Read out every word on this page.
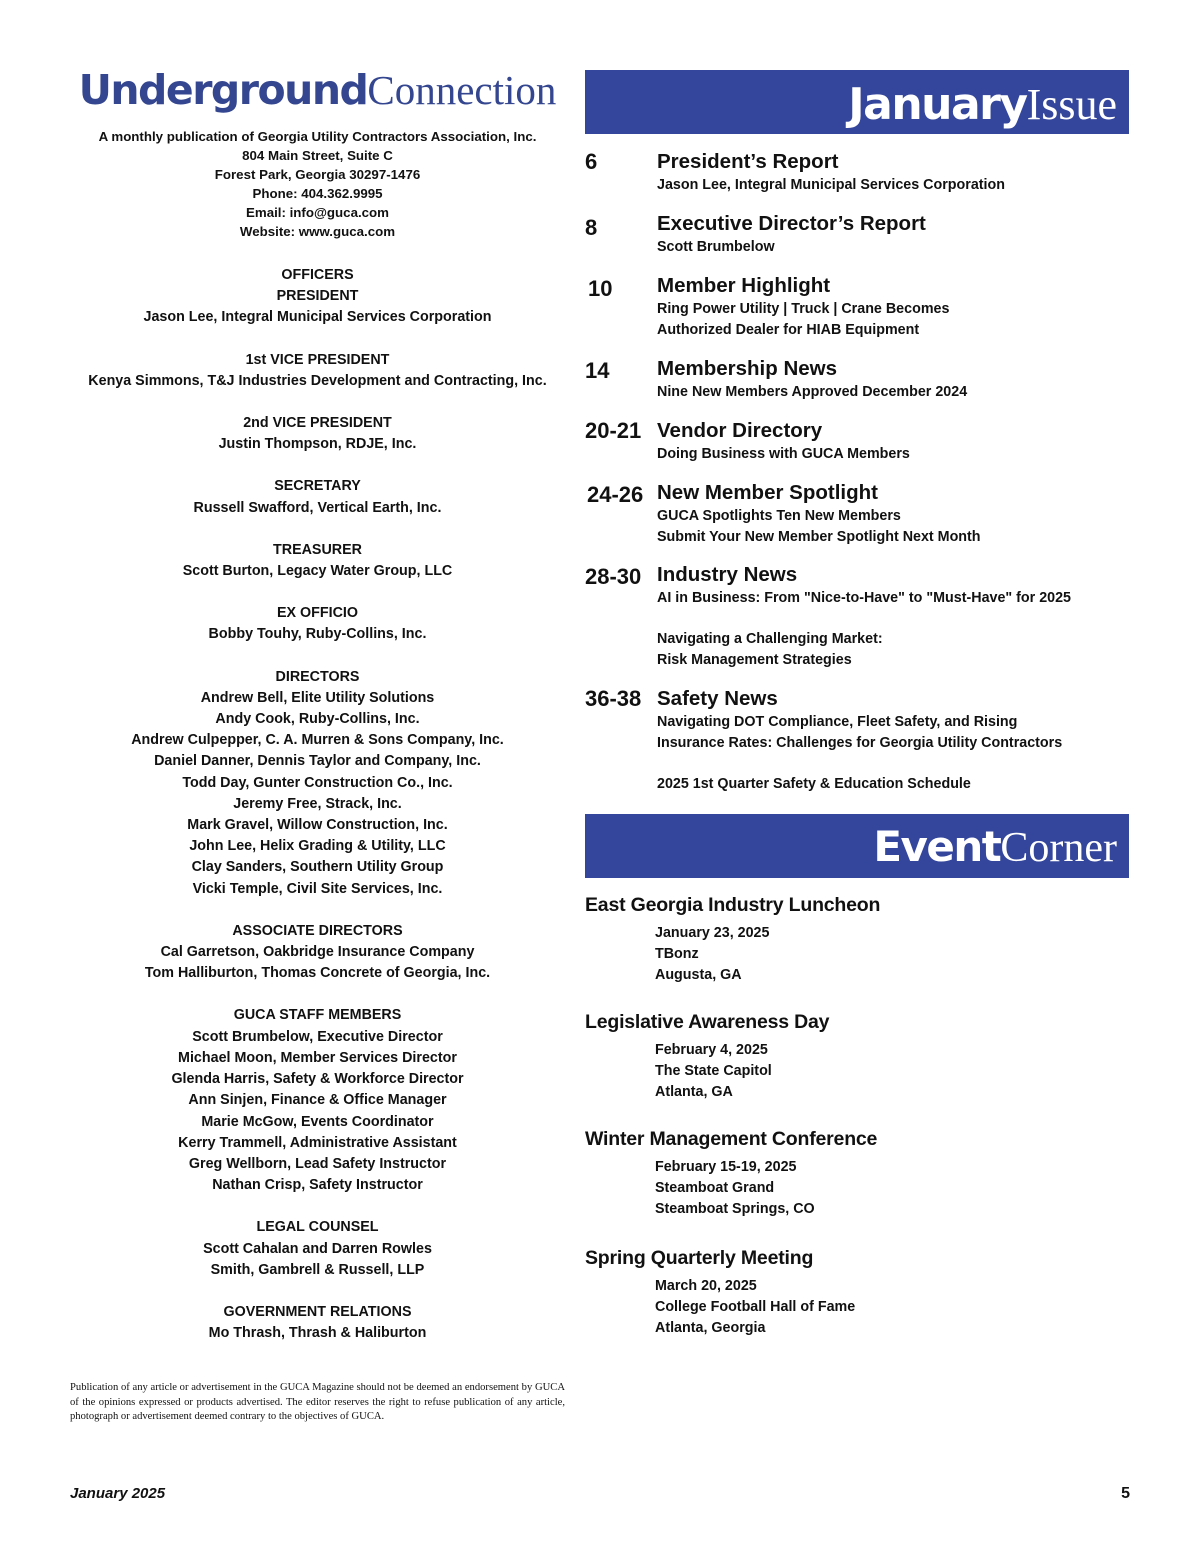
UndergroundConnection
A monthly publication of Georgia Utility Contractors Association, Inc.
804 Main Street, Suite C
Forest Park, Georgia 30297-1476
Phone: 404.362.9995
Email: info@guca.com
Website: www.guca.com
OFFICERS
PRESIDENT
Jason Lee, Integral Municipal Services Corporation
1st VICE PRESIDENT
Kenya Simmons, T&J Industries Development and Contracting, Inc.
2nd VICE PRESIDENT
Justin Thompson, RDJE, Inc.
SECRETARY
Russell Swafford, Vertical Earth, Inc.
TREASURER
Scott Burton, Legacy Water Group, LLC
EX OFFICIO
Bobby Touhy, Ruby-Collins, Inc.
DIRECTORS
Andrew Bell, Elite Utility Solutions
Andy Cook, Ruby-Collins, Inc.
Andrew Culpepper, C. A. Murren & Sons Company, Inc.
Daniel Danner, Dennis Taylor and Company, Inc.
Todd Day, Gunter Construction Co., Inc.
Jeremy Free, Strack, Inc.
Mark Gravel, Willow Construction, Inc.
John Lee, Helix Grading & Utility, LLC
Clay Sanders, Southern Utility Group
Vicki Temple, Civil Site Services, Inc.
ASSOCIATE DIRECTORS
Cal Garretson, Oakbridge Insurance Company
Tom Halliburton, Thomas Concrete of Georgia, Inc.
GUCA STAFF MEMBERS
Scott Brumbelow, Executive Director
Michael Moon, Member Services Director
Glenda Harris, Safety & Workforce Director
Ann Sinjen, Finance & Office Manager
Marie McGow, Events Coordinator
Kerry Trammell, Administrative Assistant
Greg Wellborn, Lead Safety Instructor
Nathan Crisp, Safety Instructor
LEGAL COUNSEL
Scott Cahalan and Darren Rowles
Smith, Gambrell & Russell, LLP
GOVERNMENT RELATIONS
Mo Thrash, Thrash & Haliburton
Publication of any article or advertisement in the GUCA Magazine should not be deemed an endorsement by GUCA of the opinions expressed or products advertised. The editor reserves the right to refuse publication of any article, photograph or advertisement deemed contrary to the objectives of GUCA.
January 2025	5
JanuaryIssue
6	President’s Report
Jason Lee, Integral Municipal Services Corporation
8	Executive Director’s Report
Scott Brumbelow
10	Member Highlight
Ring Power Utility | Truck | Crane Becomes
Authorized Dealer for HIAB Equipment
14	Membership News
Nine New Members Approved December 2024
20-21 Vendor Directory
Doing Business with GUCA Members
24-26 New Member Spotlight
GUCA Spotlights Ten New Members
Submit Your New Member Spotlight Next Month
28-30 Industry News
AI in Business: From "Nice-to-Have" to "Must-Have" for 2025
Navigating a Challenging Market:
Risk Management Strategies
36-38 Safety News
Navigating DOT Compliance, Fleet Safety, and Rising
Insurance Rates: Challenges for Georgia Utility Contractors
2025 1st Quarter Safety & Education Schedule
EventCorner
East Georgia Industry Luncheon
January 23, 2025
TBonz
Augusta, GA
Legislative Awareness Day
February 4, 2025
The State Capitol
Atlanta, GA
Winter Management Conference
February 15-19, 2025
Steamboat Grand
Steamboat Springs, CO
Spring Quarterly Meeting
March 20, 2025
College Football Hall of Fame
Atlanta, Georgia
